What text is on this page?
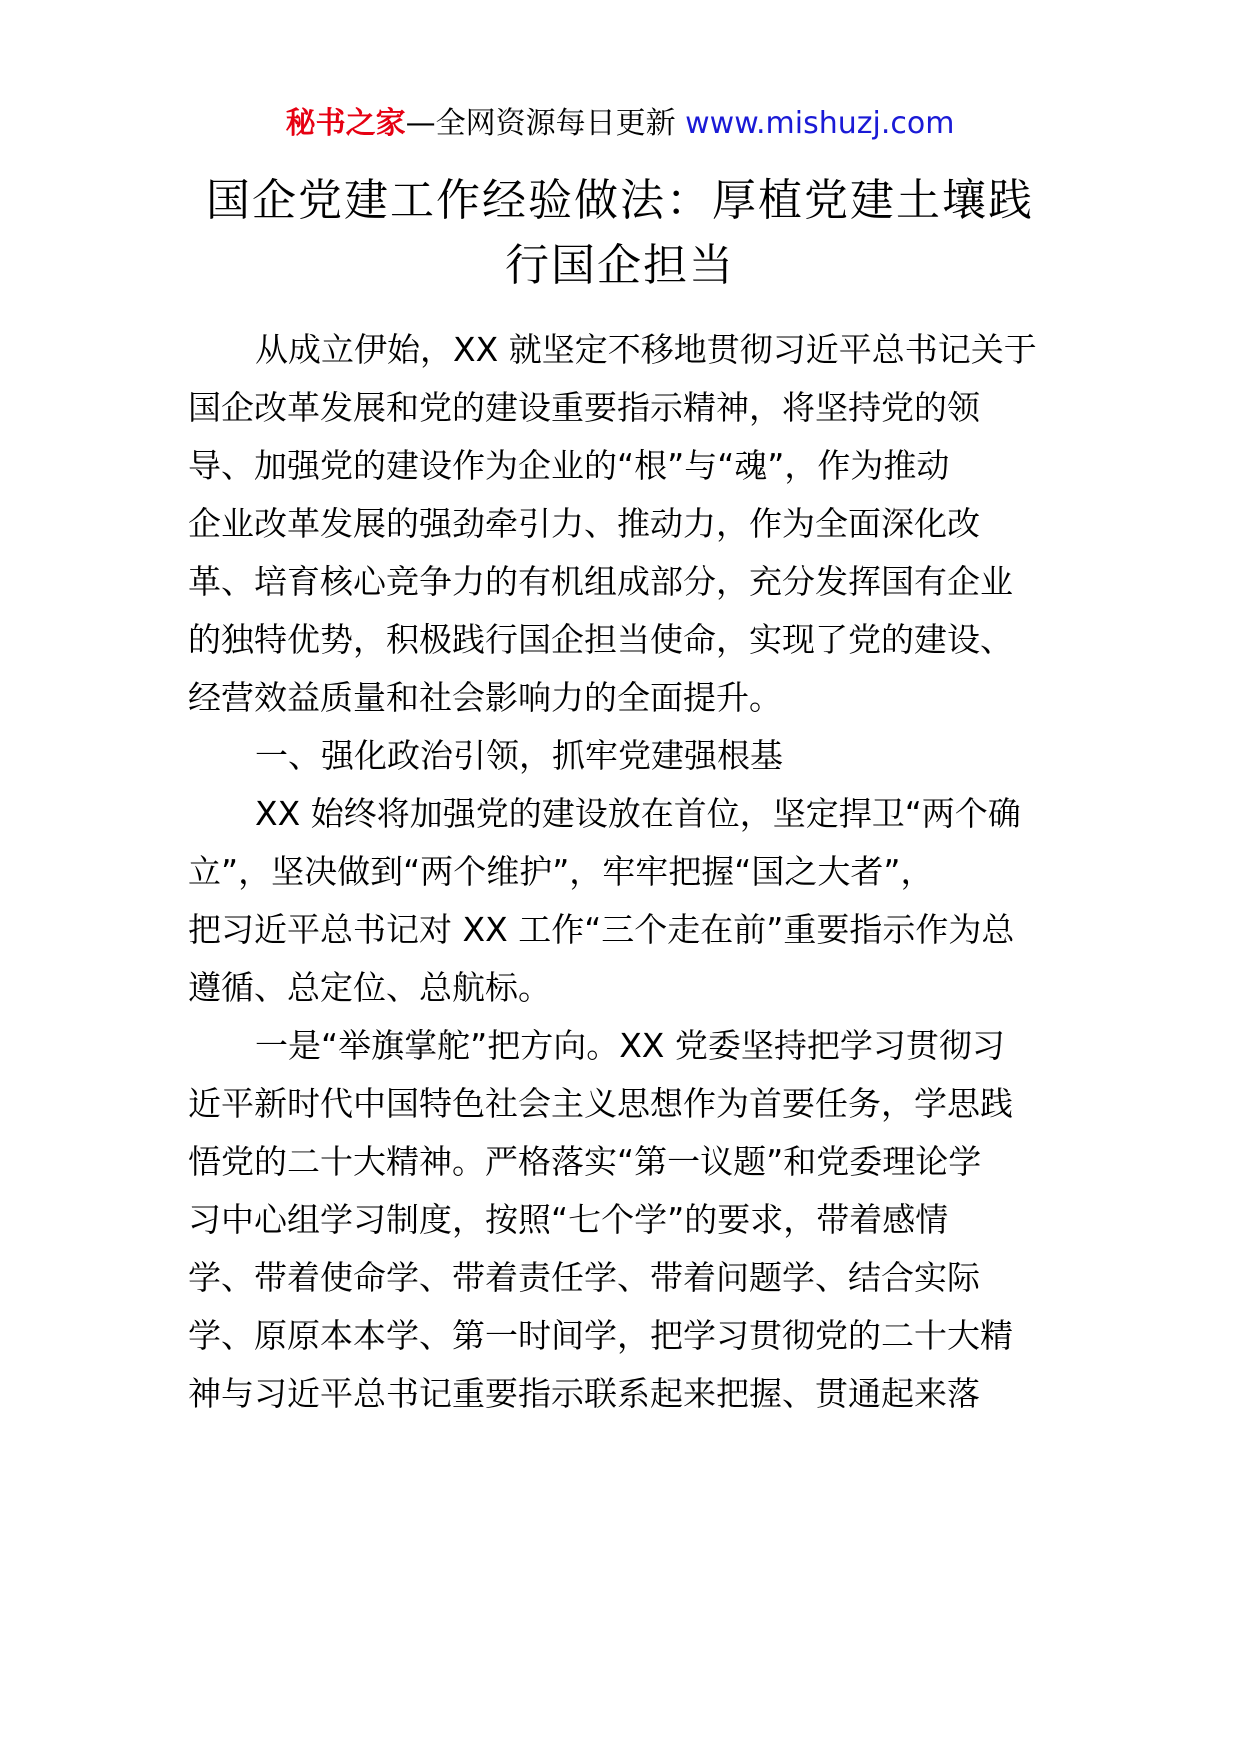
秘书之家—全网资源每日更新 www.mishuzj.com
国企党建工作经验做法：厚植党建土壤践
行国企担当
从成立伊始，XX 就坚定不移地贯彻习近平总书记关于
国企改革发展和党的建设重要指示精神，将坚持党的领
导、加强党的建设作为企业的“根”与“魂”，作为推动
企业改革发展的强劲牵引力、推动力，作为全面深化改
革、培育核心竞争力的有机组成部分，充分发挥国有企业
的独特优势，积极践行国企担当使命，实现了党的建设、
经营效益质量和社会影响力的全面提升。
一、强化政治引领，抓牢党建强根基
XX 始终将加强党的建设放在首位，坚定捍卫“两个确
立”，坚决做到“两个维护”，牢牢把握“国之大者”，
把习近平总书记对 XX 工作“三个走在前”重要指示作为总
遵循、总定位、总航标。
一是“举旗掌舵”把方向。XX 党委坚持把学习贯彻习
近平新时代中国特色社会主义思想作为首要任务，学思践
悟党的二十大精神。严格落实“第一议题”和党委理论学
习中心组学习制度，按照“七个学”的要求，带着感情
学、带着使命学、带着责任学、带着问题学、结合实际
学、原原本本学、第一时间学，把学习贯彻党的二十大精
神与习近平总书记重要指示联系起来把握、贯通起来落
